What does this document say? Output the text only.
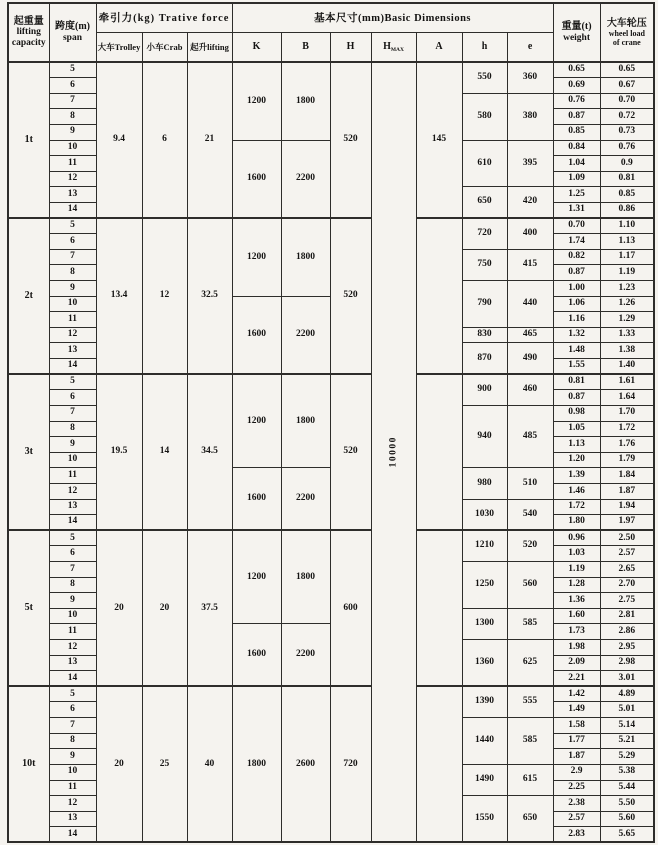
起重量
lifting
capacity	跨度(m)
span	牵引力(kg) Trative force			基本尺寸(mm)Basic Dimensions							重量(t)
weight	大车轮压
wheel load
of crane

		大车Trolley	小车Crab	起升lifting	K	B	H	$H_{MAX}$	A	h	e		
1t	5	9.4	6	21	1200	1800	520	10000	145	550	360	0.65	0.65
	6											0.69	0.67
	7									580	380	0.76	0.70
	8											0.87	0.72
	9											0.85	0.73
	10				1600	2200				610	395	0.84	0.76
	11											1.04	0.9
	12											1.09	0.81
	13									650	420	1.25	0.85
	14											1.31	0.86
2t	5	13.4	12	32.5	1200	1800	520			720	400	0.70	1.10
	6											1.74	1.13
	7									750	415	0.82	1.17
	8											0.87	1.19
	9									790	440	1.00	1.23
	10				1600	2200						1.06	1.26
	11											1.16	1.29
	12									830	465	1.32	1.33
	13									870	490	1.48	1.38
	14											1.55	1.40
3t	5	19.5	14	34.5	1200	1800	520			900	460	0.81	1.61
	6											0.87	1.64
	7									940	485	0.98	1.70
	8											1.05	1.72
	9											1.13	1.76
	10											1.20	1.79
	11				1600	2200				980	510	1.39	1.84
	12											1.46	1.87
	13									1030	540	1.72	1.94
	14											1.80	1.97
5t	5	20	20	37.5	1200	1800	600			1210	520	0.96	2.50
	6											1.03	2.57
	7									1250	560	1.19	2.65
	8											1.28	2.70
	9											1.36	2.75
	10									1300	585	1.60	2.81
	11				1600	2200						1.73	2.86
	12									1360	625	1.98	2.95
	13											2.09	2.98
	14											2.21	3.01
10t	5	20	25	40	1800	2600	720			1390	555	1.42	4.89
	6											1.49	5.01
	7									1440	585	1.58	5.14
	8											1.77	5.21
	9											1.87	5.29
	10									1490	615	2.9	5.38
	11											2.25	5.44
	12									1550	650	2.38	5.50
	13											2.57	5.60
	14											2.83	5.65
